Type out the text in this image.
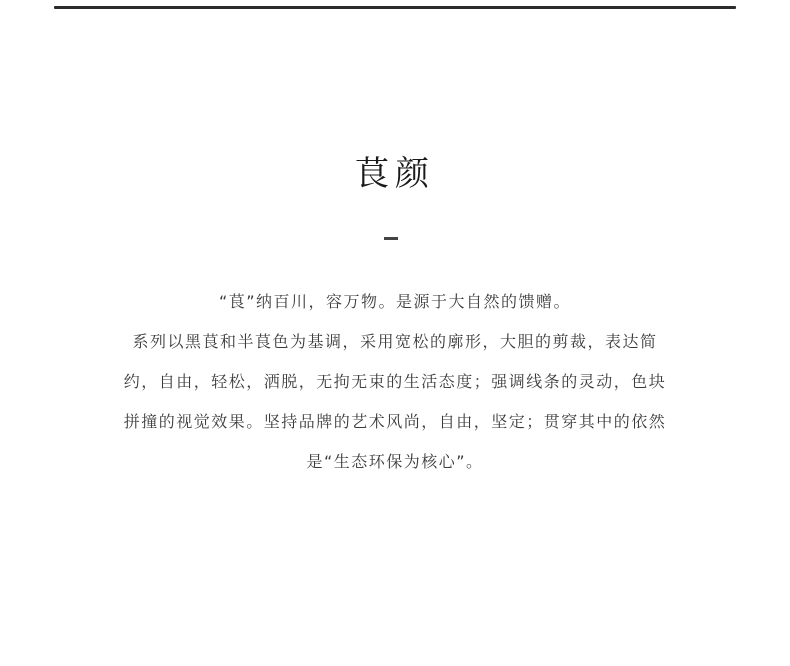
茛颜
“茛”纳百川，容万物。是源于大自然的馈赠。
系列以黑茛和半茛色为基调，采用宽松的廓形，大胆的剪裁，表达简
约，自由，轻松，洒脱，无拘无束的生活态度；强调线条的灵动，色块
拼撞的视觉效果。坚持品牌的艺术风尚，自由，坚定；贯穿其中的依然
是“生态环保为核心”。
